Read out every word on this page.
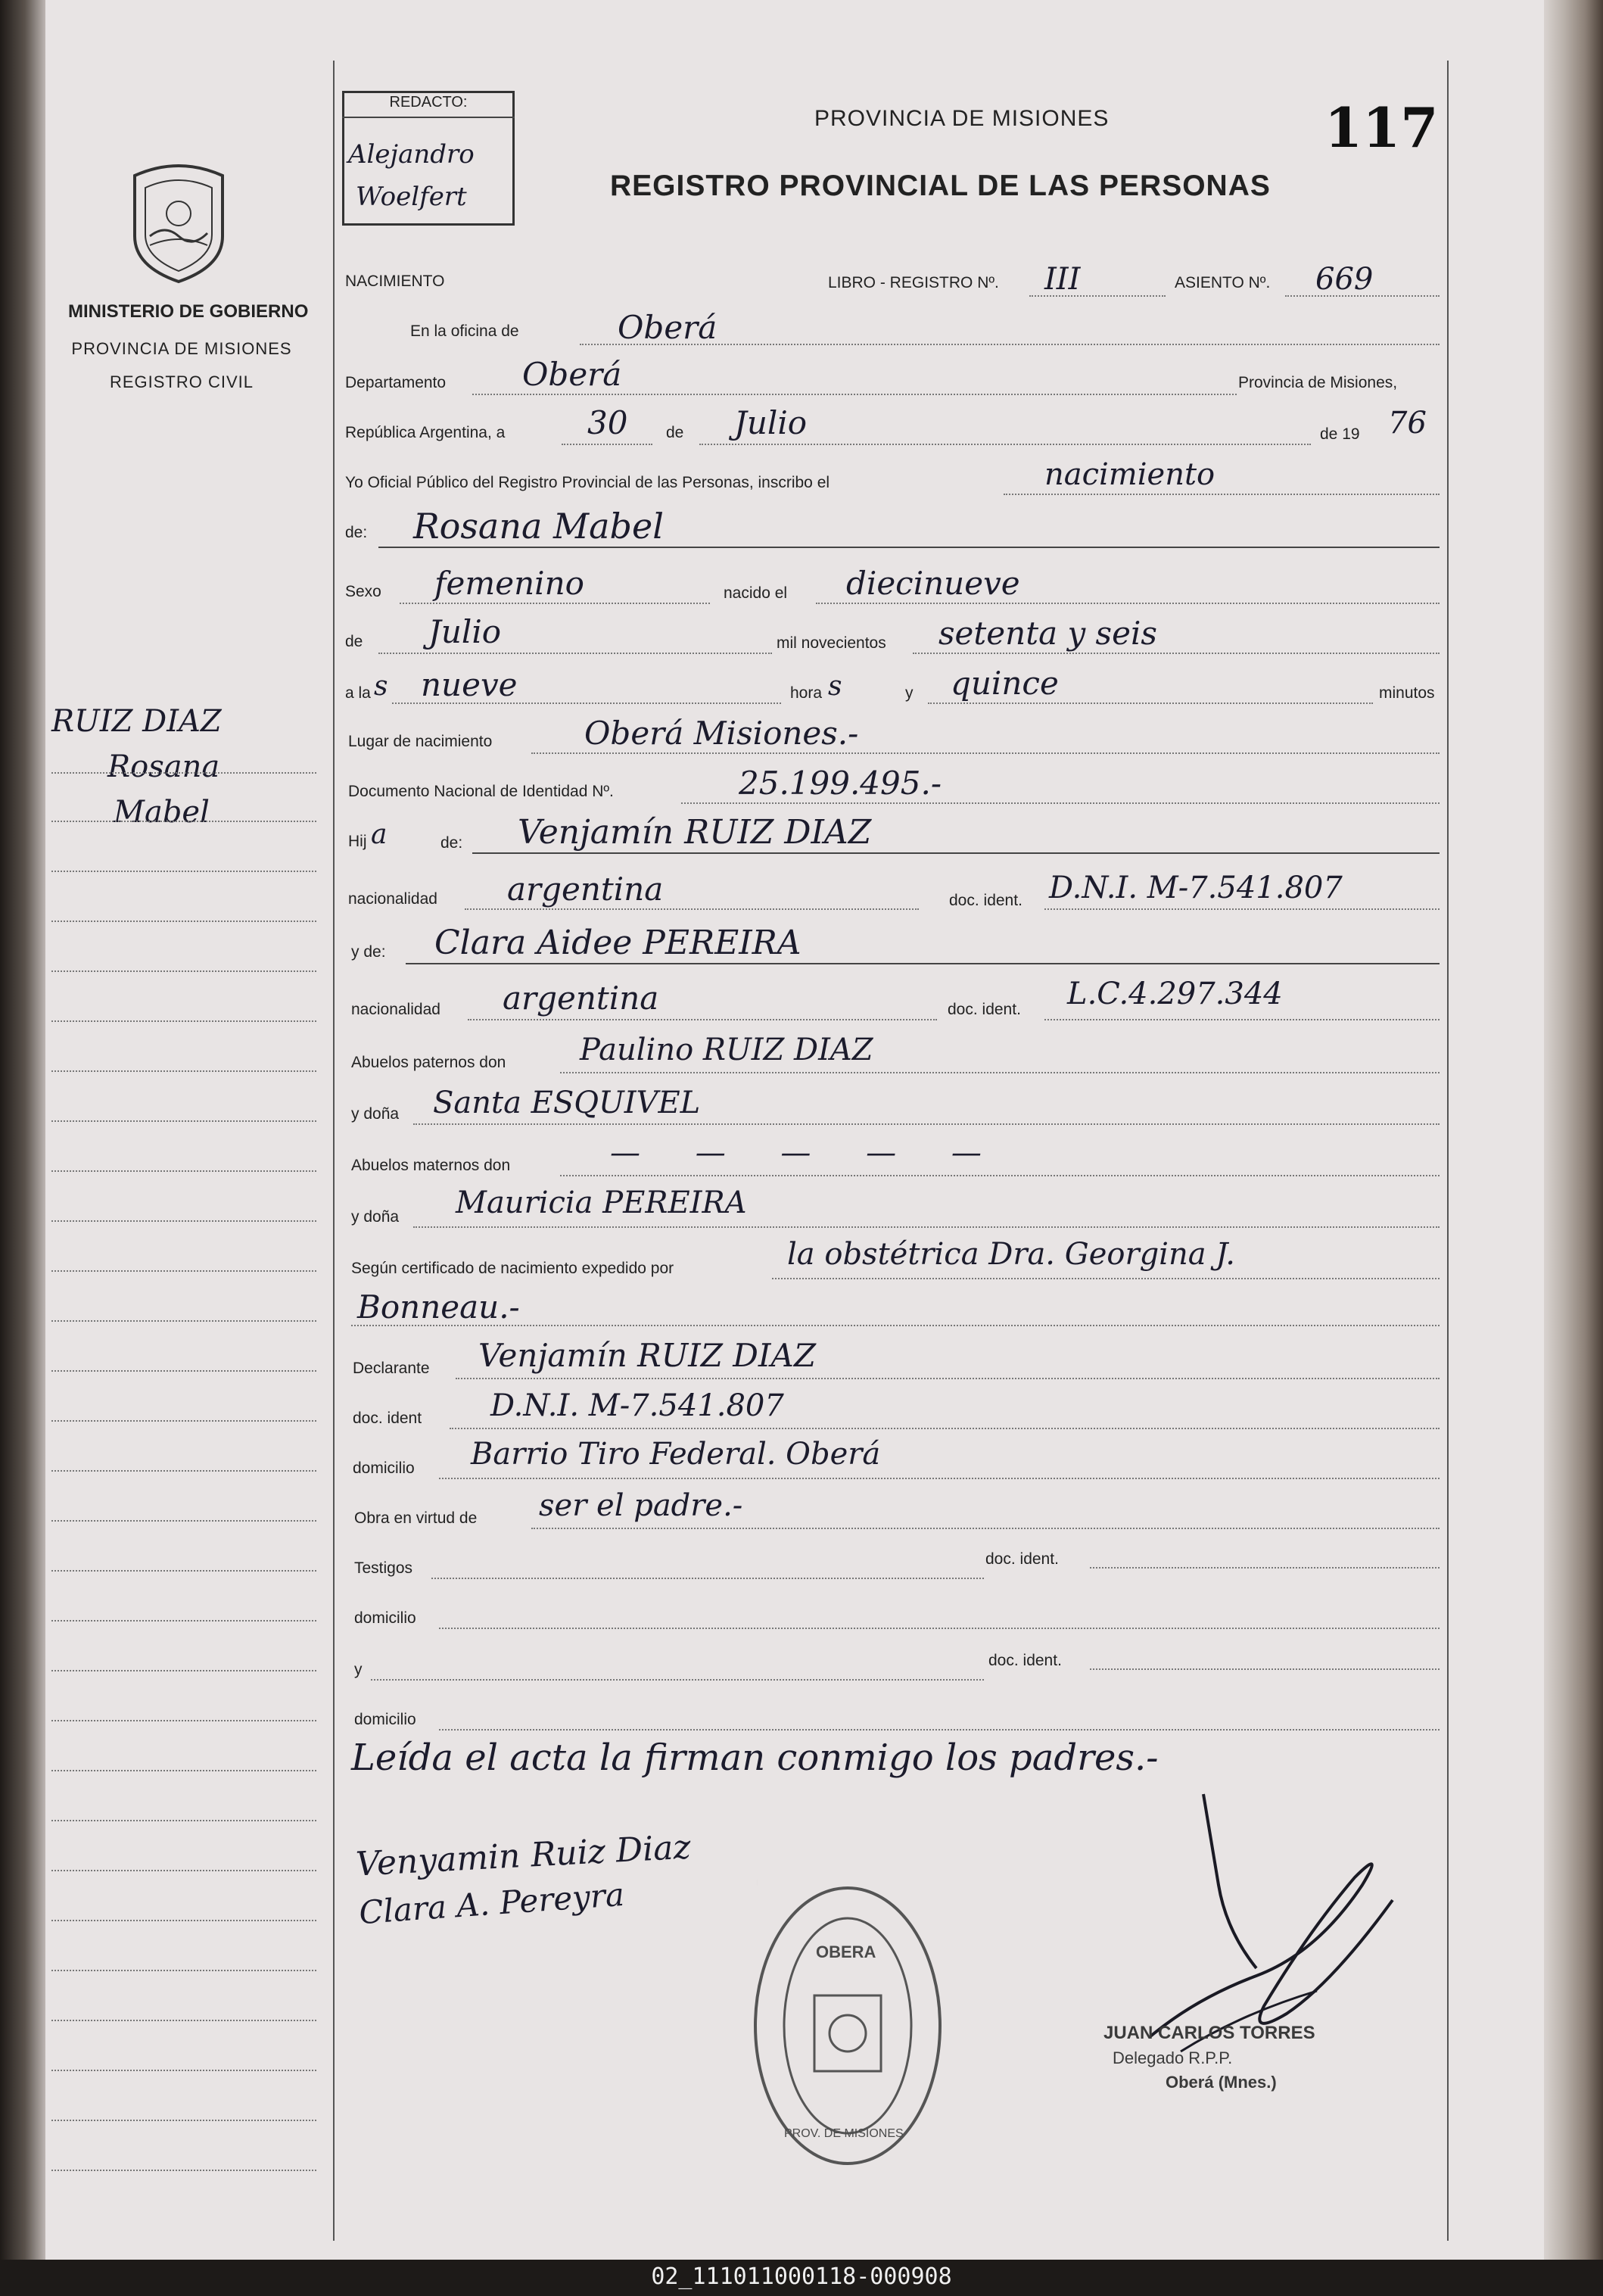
MINISTERIO DE GOBIERNO
PROVINCIA DE MISIONES
REGISTRO CIVIL
RUIZ DIAZ
Rosana
Mabel
REDACTO:
Alejandro
Woelfert
PROVINCIA DE MISIONES	117
REGISTRO PROVINCIAL DE LAS PERSONAS
NACIMIENTO	LIBRO - REGISTRO Nº. III	ASIENTO Nº. 669
En la oficina de	Oberá
Departamento Oberá	Provincia de Misiones,
República Argentina, a	30 de Julio	de 19 76
Yo Oficial Público del Registro Provincial de las Personas, inscribo el	nacimiento
de: Rosana Mabel
Sexo femenino	nacido el diecinueve
de Julio	mil novecientos setenta y seis
a la s nueve	hora s	y quince	minutos
Lugar de nacimiento	Oberá Misiones.-
Documento Nacional de Identidad Nº.	25.199.495.-
Hij a	de: Venjamín RUIZ DIAZ
nacionalidad argentina	doc. ident. D.N.I. M-7.541.807
y de: Clara Aidee PEREIRA
nacionalidad argentina	doc. ident. L.C.4.297.344
Abuelos paternos don Paulino RUIZ DIAZ
y doña Santa ESQUIVEL
Abuelos maternos don	— — — — —
y doña Mauricia PEREIRA
Según certificado de nacimiento expedido por	la obstétrica Dra. Georgina J.
Bonneau.-
Declarante Venjamín RUIZ DIAZ
doc. ident D.N.I. M-7.541.807
domicilio Barrio Tiro Federal. Oberá
Obra en virtud de ser el padre.-
Testigos
doc. ident.
domicilio
y
doc. ident.
domicilio
Leída el acta la firman conmigo los padres.-
Venyamin Ruiz Diaz
Clara A. Pereyra
JUAN CARLOS TORRES
Delegado R.P.P.
Oberá (Mnes.)
OBERA
PROV. DE MISIONES
02_111011000118-000908
